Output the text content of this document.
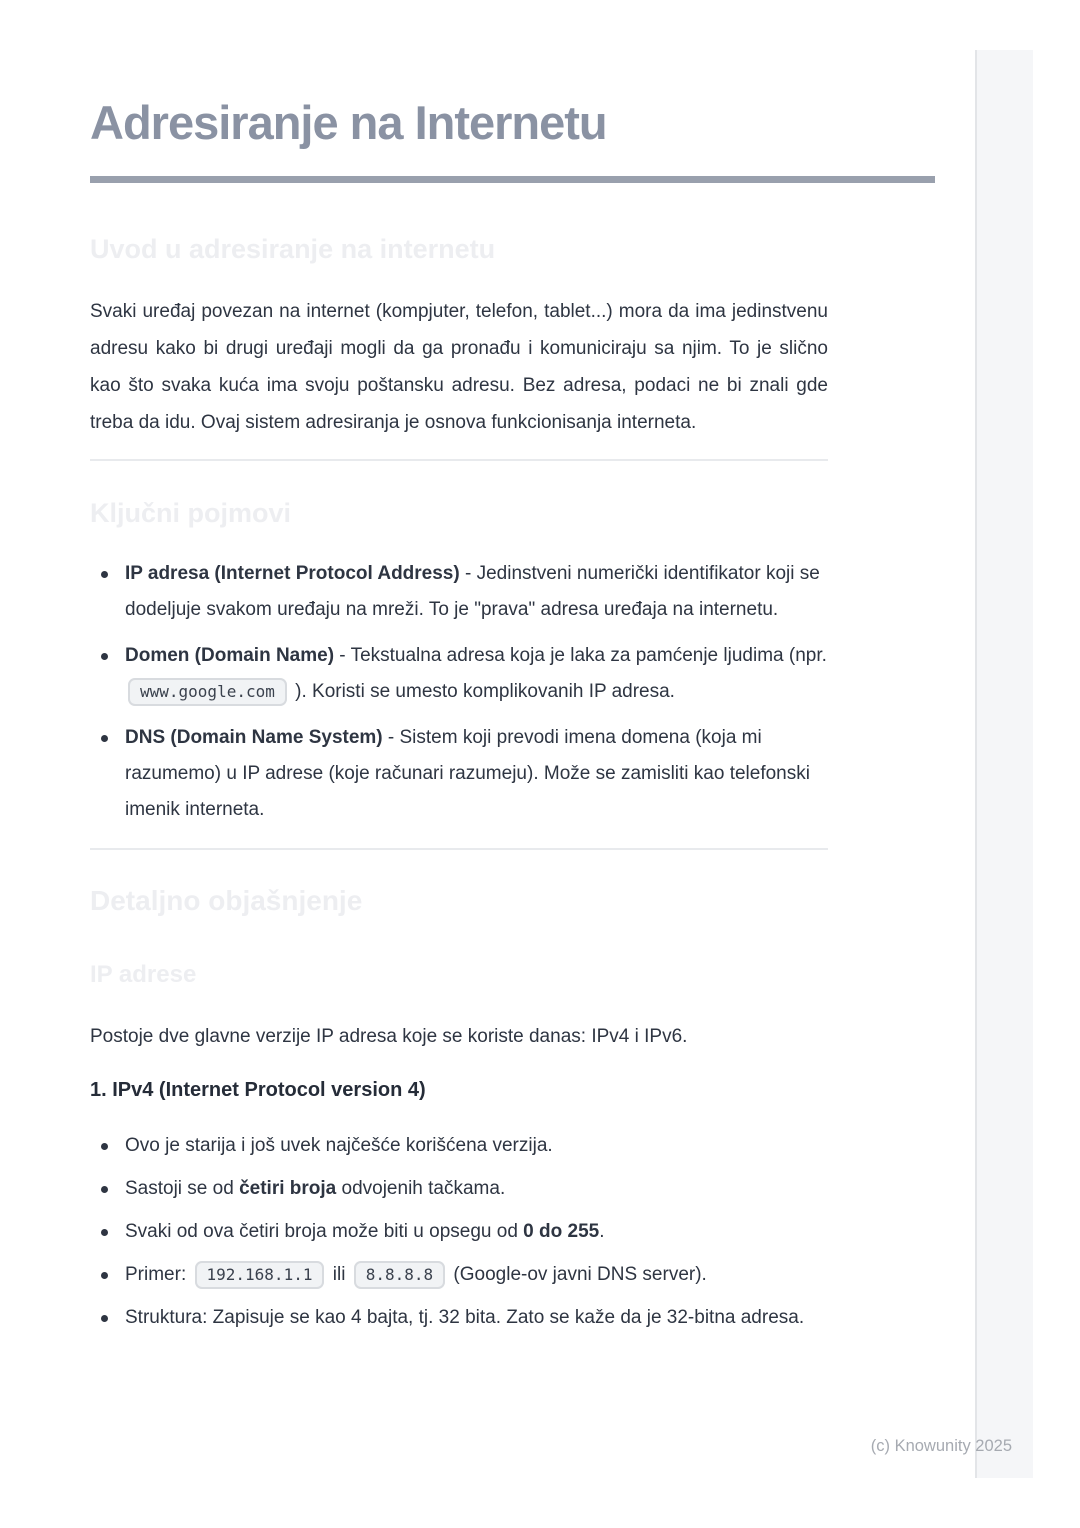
Adresiranje na Internetu
Uvod u adresiranje na internetu

Svaki uređaj povezan na internet (kompjuter, telefon, tablet...) mora da ima jedinstvenu adresu kako bi drugi uređaji mogli da ga pronađu i komuniciraju sa njim. To je slično kao što svaka kuća ima svoju poštansku adresu. Bez adresa, podaci ne bi znali gde treba da idu. Ovaj sistem adresiranja je osnova funkcionisanja interneta.

Ključni pojmovi
IP adresa (Internet Protocol Address) - Jedinstveni numerički identifikator koji se dodeljuje svakom uređaju na mreži. To je "prava" adresa uređaja na internetu.
Domen (Domain Name) - Tekstualna adresa koja je laka za pamćenje ljudima (npr. www.google.com ). Koristi se umesto komplikovanih IP adresa.
DNS (Domain Name System) - Sistem koji prevodi imena domena (koja mi razumemo) u IP adrese (koje računari razumeju). Može se zamisliti kao telefonski imenik interneta.
Detaljno objašnjenje
IP adrese

Postoje dve glavne verzije IP adresa koje se koriste danas: IPv4 i IPv6.

1. IPv4 (Internet Protocol version 4)
Ovo je starija i još uvek najčešće korišćena verzija.
Sastoji se od četiri broja odvojenih tačkama.
Svaki od ova četiri broja može biti u opsegu od 0 do 255.
Primer: 192.168.1.1 ili 8.8.8.8 (Google-ov javni DNS server).
Struktura: Zapisuje se kao 4 bajta, tj. 32 bita. Zato se kaže da je 32-bitna adresa.
(c) Knowunity 2025
